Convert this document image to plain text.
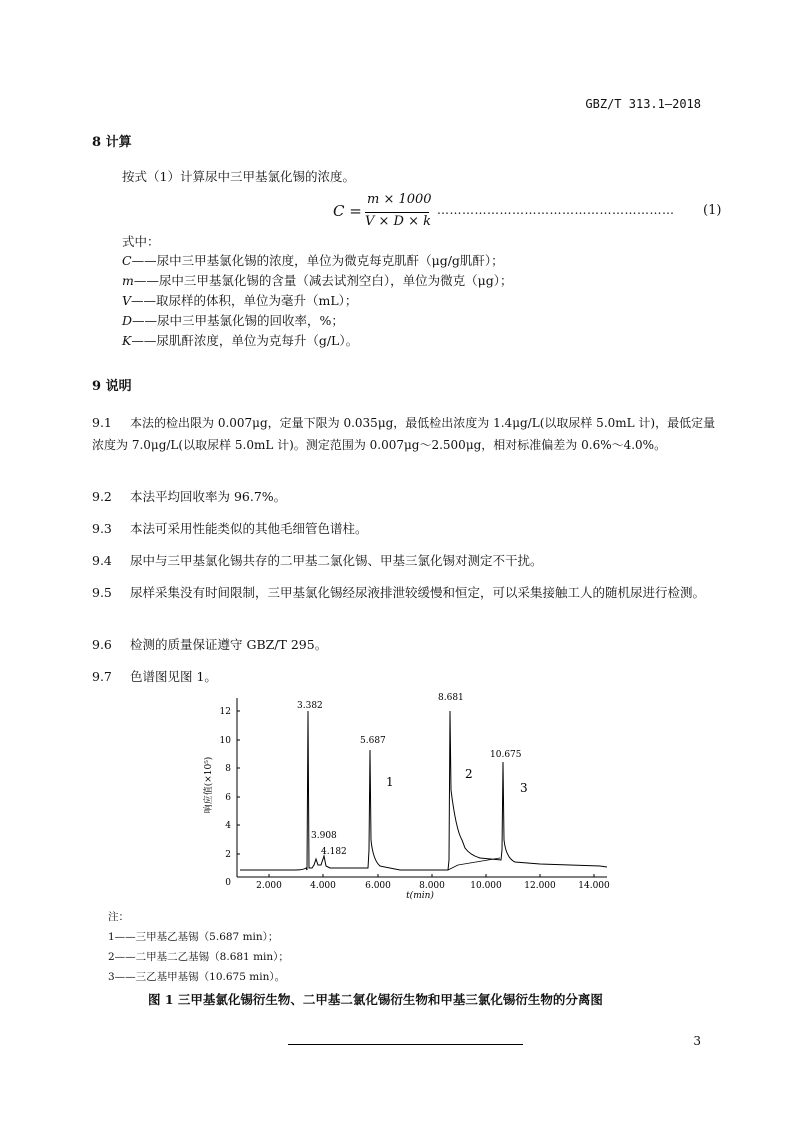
GBZ/T 313.1—2018
8 计算
按式（1）计算尿中三甲基氯化锡的浓度。
C =
m × 1000
V × D × k
………………………………………………… (1)
式中：
C——尿中三甲基氯化锡的浓度，单位为微克每克肌酐（μg/g肌酐）；
m——尿中三甲基氯化锡的含量（减去试剂空白），单位为微克（μg）；
V——取尿样的体积，单位为毫升（mL）；
D——尿中三甲基氯化锡的回收率，%；
K——尿肌酐浓度，单位为克每升（g/L）。
9 说明
9.1	本法的检出限为 0.007μg，定量下限为 0.035μg，最低检出浓度为 1.4μg/L(以取尿样 5.0mL 计)，最低定量浓度为 7.0μg/L(以取尿样 5.0mL 计)。测定范围为 0.007μg～2.500μg，相对标准偏差为 0.6%～4.0%。
9.2 本法平均回收率为 96.7%。
9.3 本法可采用性能类似的其他毛细管色谱柱。
9.4 尿中与三甲基氯化锡共存的二甲基二氯化锡、甲基三氯化锡对测定不干扰。
9.5	尿样采集没有时间限制，三甲基氯化锡经尿液排泄较缓慢和恒定，可以采集接触工人的随机尿进行检测。
9.6 检测的质量保证遵守 GBZ/T 295。
9.7 色谱图见图 1。
0
2
4
6
8
10
12
响应值(×10⁵)
2.000	4.000	6.000	8.000	10.000	12.000	14.000
t(min)
3.382
3.908
4.182
5.687
8.681
10.675
1
2
3
注：
1——三甲基乙基锡（5.687 min）；
2——二甲基二乙基锡（8.681 min）；
3——三乙基甲基锡（10.675 min）。
图 1 三甲基氯化锡衍生物、二甲基二氯化锡衍生物和甲基三氯化锡衍生物的分离图
3
